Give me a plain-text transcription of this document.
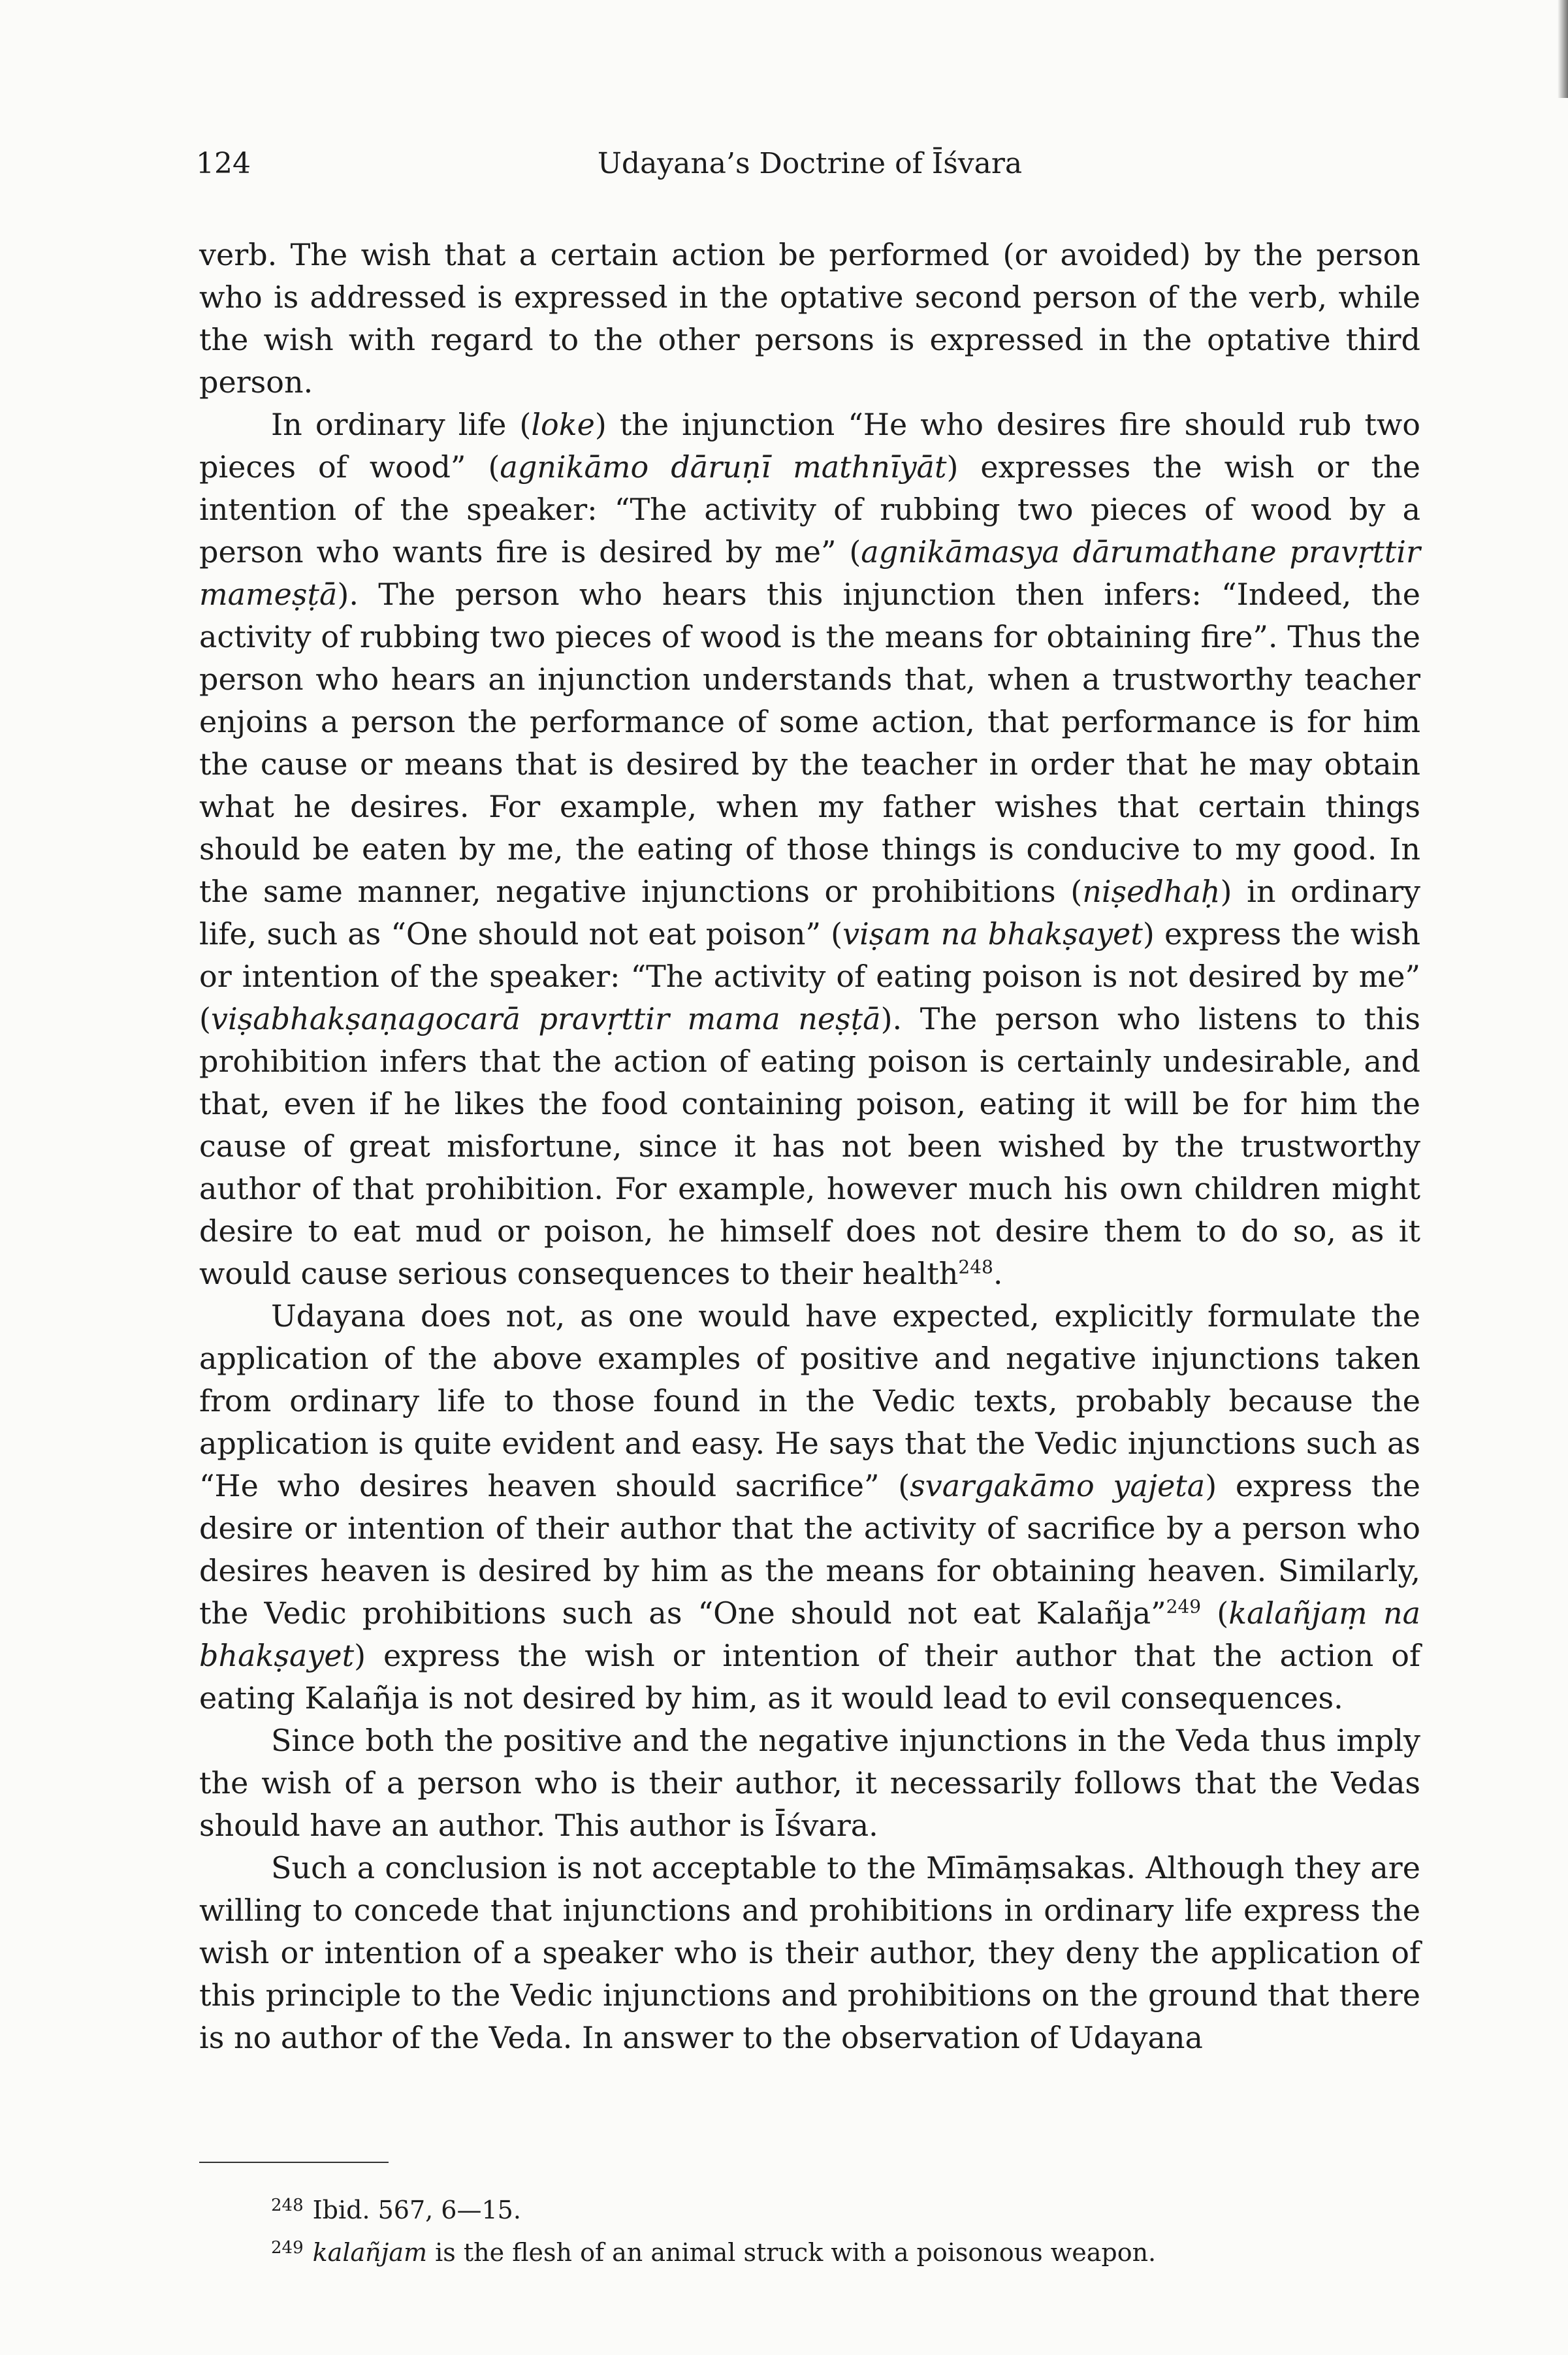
124	Udayana’s Doctrine of Īśvara

verb. The wish that a certain action be performed (or avoided) by the person who is addressed is expressed in the optative second person of the verb, while the wish with regard to the other persons is expressed in the optative third person.

In ordinary life (loke) the injunction “He who desires fire should rub two pieces of wood” (agnikāmo dāruṇī mathnīyāt) expresses the wish or the intention of the speaker: “The activity of rubbing two pieces of wood by a person who wants fire is desired by me” (agnikāmasya dārumathane pravṛttir mameṣṭā). The person who hears this injunction then infers: “Indeed, the activity of rubbing two pieces of wood is the means for obtaining fire”. Thus the person who hears an injunction understands that, when a trustworthy teacher enjoins a person the performance of some action, that performance is for him the cause or means that is desired by the teacher in order that he may obtain what he desires. For example, when my father wishes that certain things should be eaten by me, the eating of those things is conducive to my good. In the same manner, negative injunctions or prohibitions (niṣedhaḥ) in ordinary life, such as “One should not eat poison” (viṣam na bhakṣayet) express the wish or intention of the speaker: “The activity of eating poison is not desired by me” (viṣabhakṣaṇagocarā pravṛttir mama neṣṭā). The person who listens to this prohibition infers that the action of eating poison is certainly undesirable, and that, even if he likes the food containing poison, eating it will be for him the cause of great misfortune, since it has not been wished by the trustworthy author of that prohibition. For example, however much his own children might desire to eat mud or poison, he himself does not desire them to do so, as it would cause serious consequences to their health$^{248}$.

Udayana does not, as one would have expected, explicitly formulate the application of the above examples of positive and negative injunctions taken from ordinary life to those found in the Vedic texts, probably because the application is quite evident and easy. He says that the Vedic injunctions such as “He who desires heaven should sacrifice” (svargakāmo yajeta) express the desire or intention of their author that the activity of sacrifice by a person who desires heaven is desired by him as the means for obtaining heaven. Similarly, the Vedic prohibitions such as “One should not eat Kalañja”$^{249}$ (kalañjaṃ na bhakṣayet) express the wish or intention of their author that the action of eating Kalañja is not desired by him, as it would lead to evil consequences.

Since both the positive and the negative injunctions in the Veda thus imply the wish of a person who is their author, it necessarily follows that the Vedas should have an author. This author is Īśvara.

Such a conclusion is not acceptable to the Mīmāṃsakas. Although they are willing to concede that injunctions and prohibitions in ordinary life express the wish or intention of a speaker who is their author, they deny the application of this principle to the Vedic injunctions and prohibitions on the ground that there is no author of the Veda. In answer to the observation of Udayana

$^{248}$ Ibid. 567, 6—15.

$^{249}$ kalañjam is the flesh of an animal struck with a poisonous weapon.
